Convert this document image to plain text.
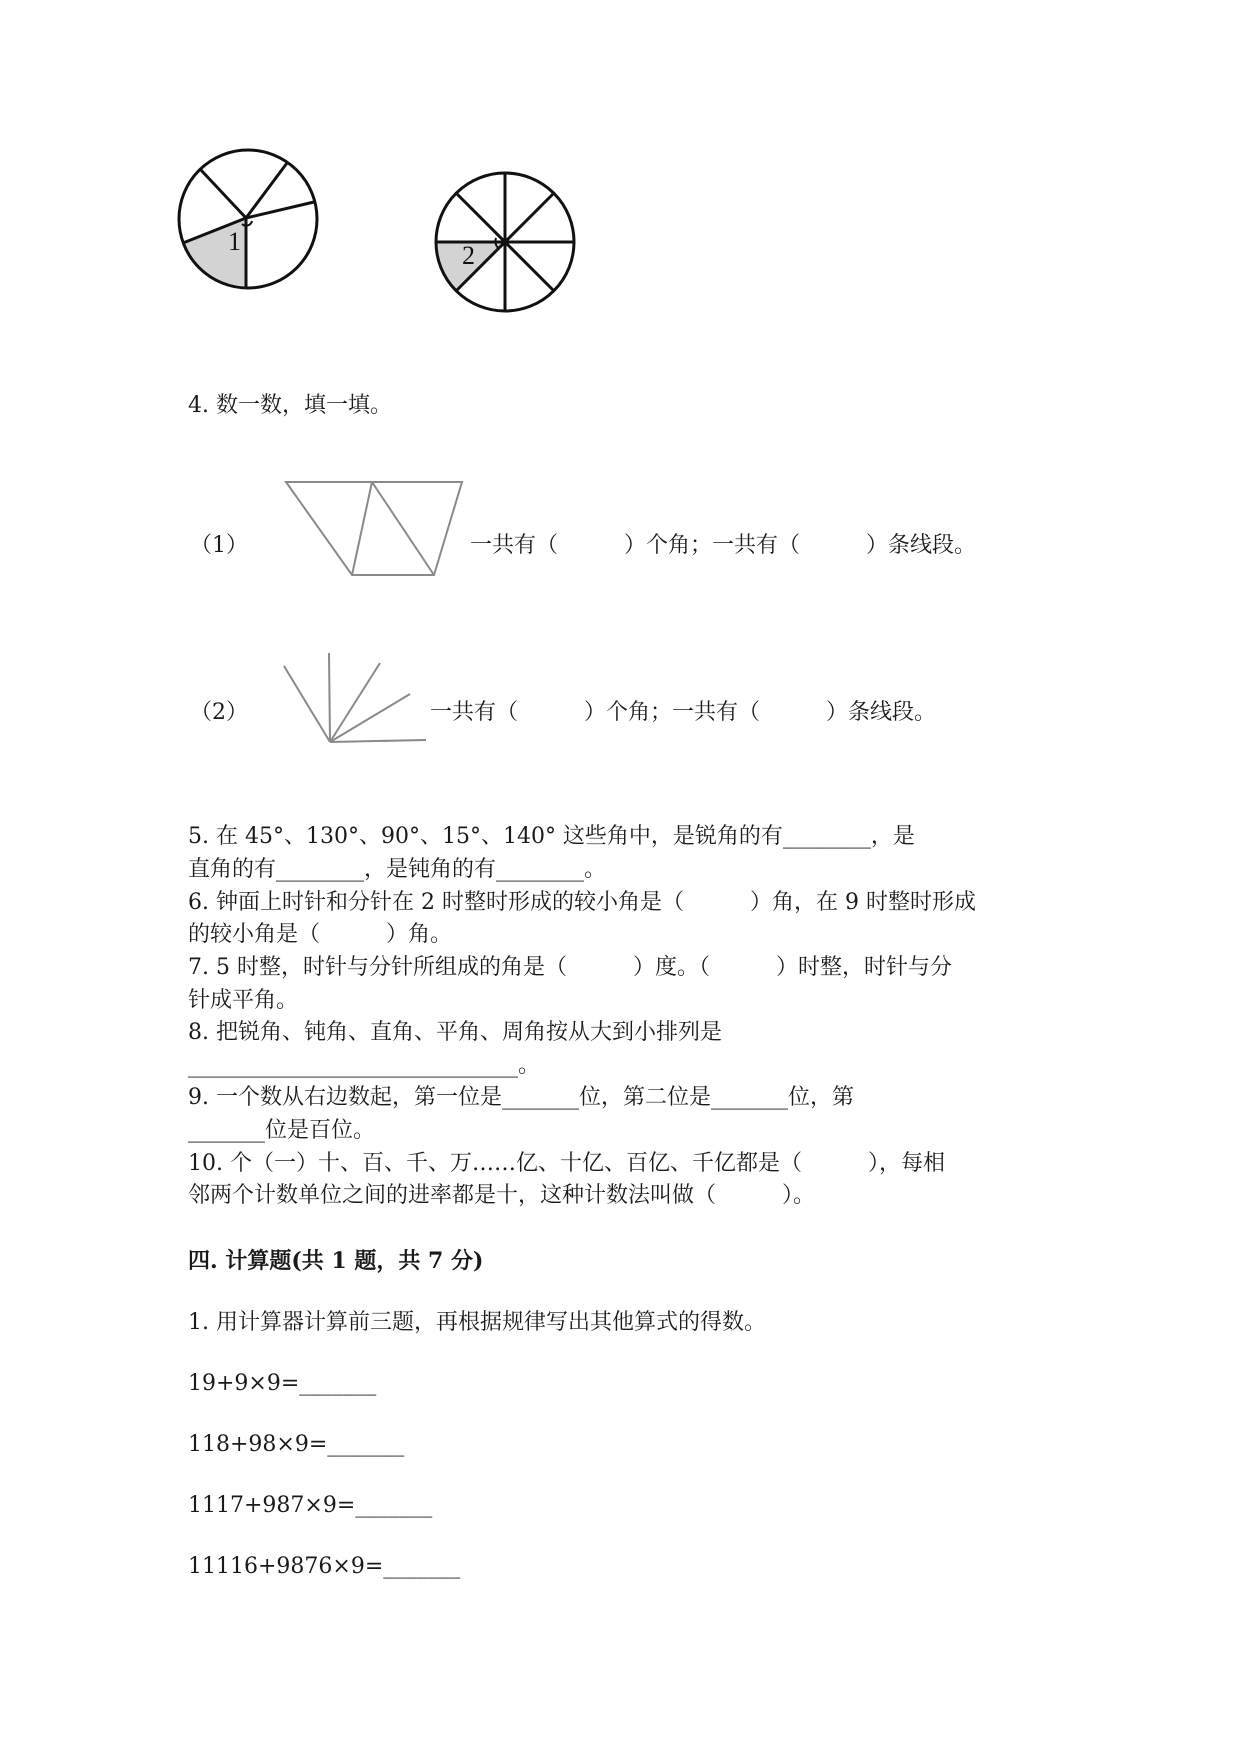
1	2
4. 数一数，填一填。
（1）	一共有（　　　）个角；一共有（　　　）条线段。
（2）	一共有（　　　）个角；一共有（　　　）条线段。
5. 在 45°、130°、90°、15°、140° 这些角中，是锐角的有________，是
直角的有________，是钝角的有________。
6. 钟面上时针和分针在 2 时整时形成的较小角是（　　　）角，在 9 时整时形成
的较小角是（　　　）角。
7. 5 时整，时针与分针所组成的角是（　　　）度。（　　　）时整，时针与分
针成平角。
8. 把锐角、钝角、直角、平角、周角按从大到小排列是
______________________________。
9. 一个数从右边数起，第一位是_______位，第二位是_______位，第
_______位是百位。
10. 个（一）十、百、千、万……亿、十亿、百亿、千亿都是（　　　），每相
邻两个计数单位之间的进率都是十，这种计数法叫做（　　　）。
四. 计算题(共 1 题，共 7 分)
1. 用计算器计算前三题，再根据规律写出其他算式的得数。
19+9×9=_______
118+98×9=_______
1117+987×9=_______
11116+9876×9=_______
